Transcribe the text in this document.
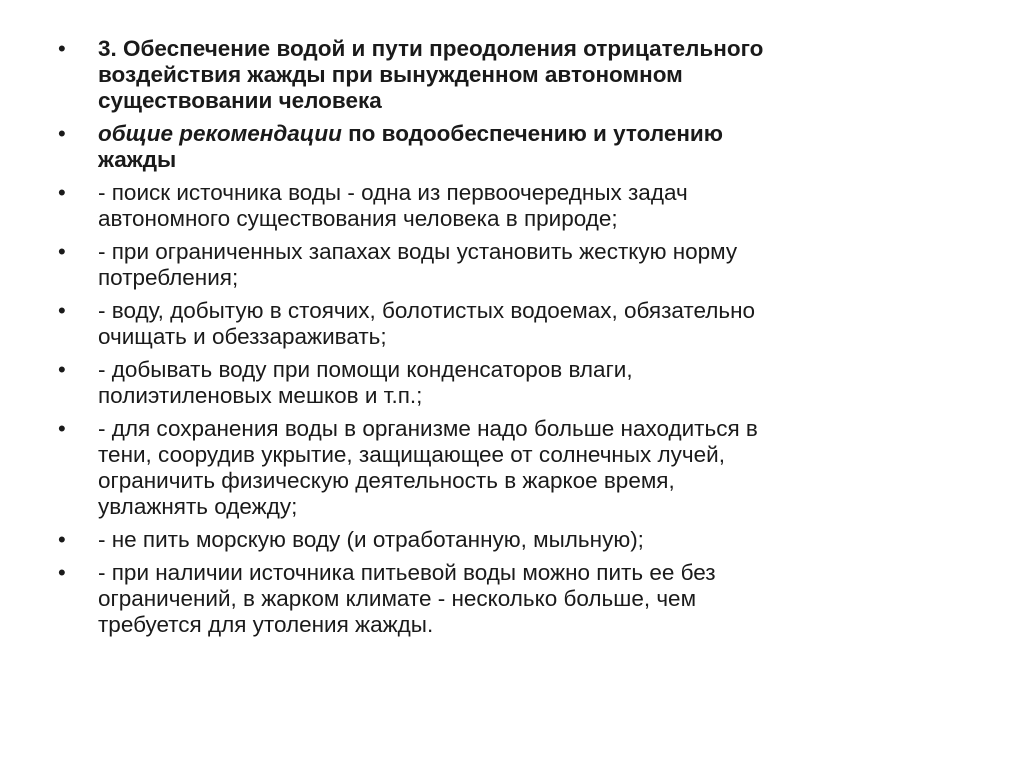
•	3. Обеспечение водой и пути преодоления отрицательного
воздействия жажды при вынужденном автономном
существовании человека
•	общие рекомендации по водообеспечению и утолению
жажды
•	- поиск источника воды - одна из первоочередных задач
автономного существования человека в природе;
•	- при ограниченных запахах воды установить жесткую норму
потребления;
•	- воду, добытую в стоячих, болотистых водоемах, обязательно
очищать и обеззараживать;
•	- добывать воду при помощи конденсаторов влаги,
полиэтиленовых мешков и т.п.;
•	- для сохранения воды в организме надо больше находиться в
тени, соорудив укрытие, защищающее от солнечных лучей,
ограничить физическую деятельность в жаркое время,
увлажнять одежду;
•	- не пить морскую воду (и отработанную, мыльную);
•	- при наличии источника питьевой воды можно пить ее без
ограничений, в жарком климате - несколько больше, чем
требуется для утоления жажды.
